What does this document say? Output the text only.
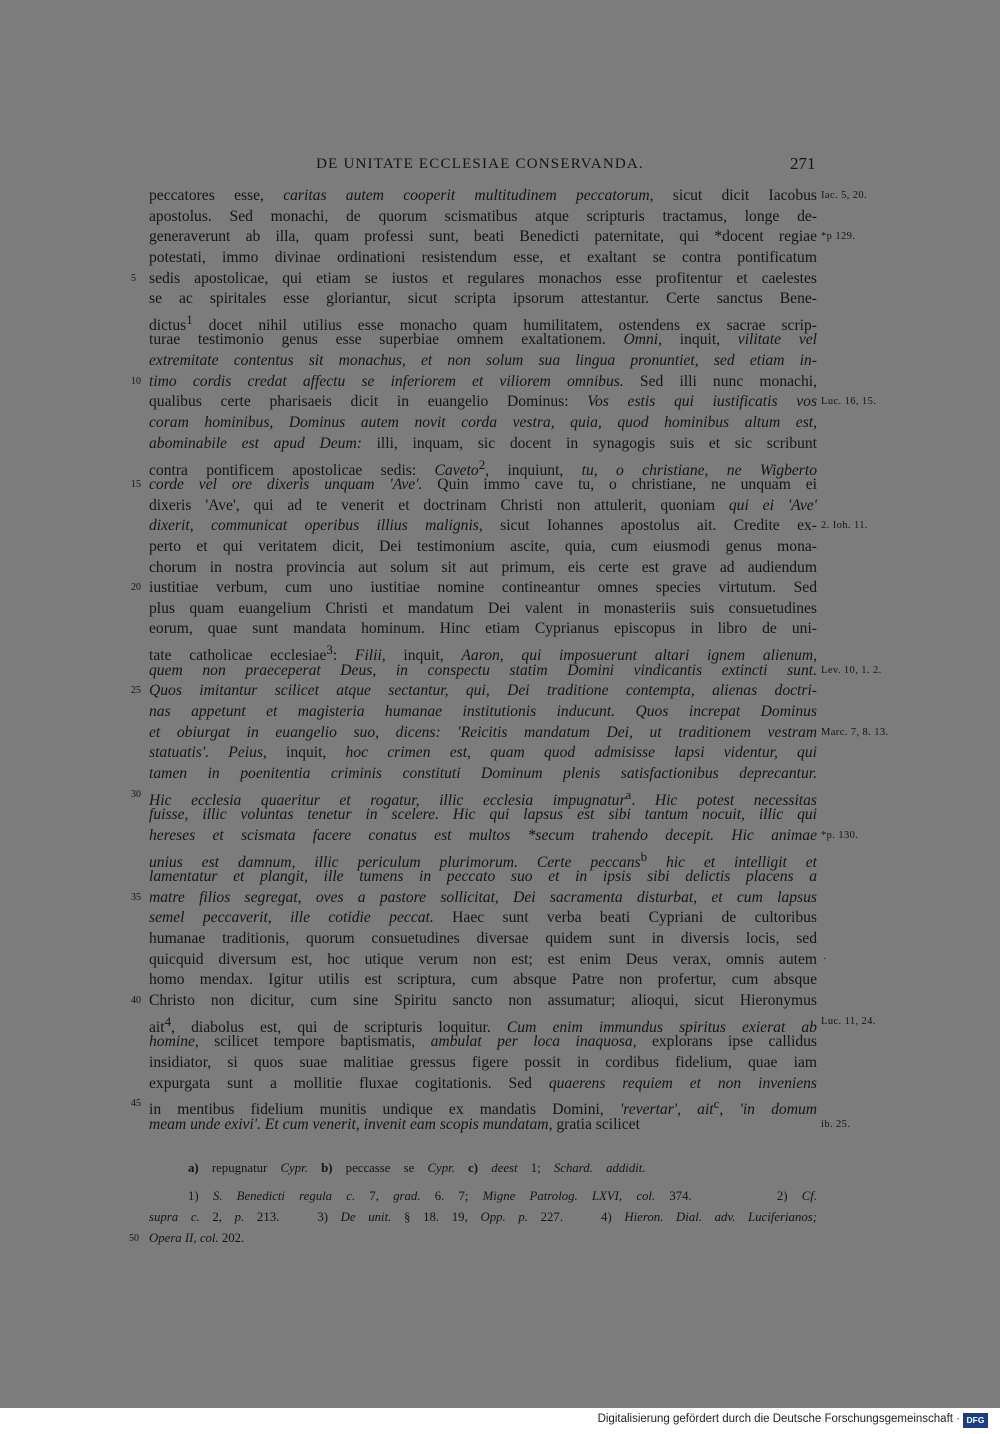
DE UNITATE ECCLESIAE CONSERVANDA.	271
peccatores esse, caritas autem cooperit multitudinem peccatorum, sicut dicit Iacobus Iac. 5, 20.
apostolus. Sed monachi, de quorum scismatibus atque scripturis tractamus, longe de-
generaverunt ab illa, quam professi sunt, beati Benedicti paternitate, qui *docent regiae *p 129.
potestati, immo divinae ordinationi resistendum esse, et exaltant se contra pontificatum
5 sedis apostolicae, qui etiam se iustos et regulares monachos esse profitentur et caelestes
se ac spiritales esse gloriantur, sicut scripta ipsorum attestantur. Certe sanctus Bene-
dictus$^1$ docet nihil utilius esse monacho quam humilitatem, ostendens ex sacrae scrip-
turae testimonio genus esse superbiae omnem exaltationem. Omni, inquit, vilitate vel
extremitate contentus sit monachus, et non solum sua lingua pronuntiet, sed etiam in-
10 timo cordis credat affectu se inferiorem et viliorem omnibus. Sed illi nunc monachi,
qualibus certe pharisaeis dicit in euangelio Dominus: Vos estis qui iustificatis vos Luc. 16, 15.
coram hominibus, Dominus autem novit corda vestra, quia, quod hominibus altum est,
abominabile est apud Deum: illi, inquam, sic docent in synagogis suis et sic scribunt
contra pontificem apostolicae sedis: Caveto$^2$, inquiunt, tu, o christiane, ne Wigberto
15 corde vel ore dixeris unquam 'Ave'. Quin immo cave tu, o christiane, ne unquam ei
dixeris 'Ave', qui ad te venerit et doctrinam Christi non attulerit, quoniam qui ei 'Ave'
dixerit, communicat operibus illius malignis, sicut Iohannes apostolus ait. Credite ex- 2. Ioh. 11.
perto et qui veritatem dicit, Dei testimonium ascite, quia, cum eiusmodi genus mona-
chorum in nostra provincia aut solum sit aut primum, eis certe est grave ad audiendum
20 iustitiae verbum, cum uno iustitiae nomine contineantur omnes species virtutum. Sed
plus quam euangelium Christi et mandatum Dei valent in monasteriis suis consuetudines
eorum, quae sunt mandata hominum. Hinc etiam Cyprianus episcopus in libro de uni-
tate catholicae ecclesiae$^3$: Filii, inquit, Aaron, qui imposuerunt altari ignem alienum,
quem non praeceperat Deus, in conspectu statim Domini vindicantis extincti sunt. Lev. 10, 1. 2.
25 Quos imitantur scilicet atque sectantur, qui, Dei traditione contempta, alienas doctri-
nas appetunt et magisteria humanae institutionis inducunt. Quos increpat Dominus
et obiurgat in euangelio suo, dicens: 'Reicitis mandatum Dei, ut traditionem vestram Marc. 7, 8. 13.
statuatis'. Peius, inquit, hoc crimen est, quam quod admisisse lapsi videntur, qui
tamen in poenitentia criminis constituti Dominum plenis satisfactionibus deprecantur.
30 Hic ecclesia quaeritur et rogatur, illic ecclesia impugnatur$^a$. Hic potest necessitas
fuisse, illic voluntas tenetur in scelere. Hic qui lapsus est sibi tantum nocuit, illic qui
hereses et scismata facere conatus est multos *secum trahendo decepit. Hic animae *p. 130.
unius est damnum, illic periculum plurimorum. Certe peccans$^b$ hic et intelligit et
lamentatur et plangit, ille tumens in peccato suo et in ipsis sibi delictis placens a
35 matre filios segregat, oves a pastore sollicitat, Dei sacramenta disturbat, et cum lapsus
semel peccaverit, ille cotidie peccat. Haec sunt verba beati Cypriani de cultoribus
humanae traditionis, quorum consuetudines diversae quidem sunt in diversis locis, sed
quicquid diversum est, hoc utique verum non est; est enim Deus verax, omnis autem ·
homo mendax. Igitur utilis est scriptura, cum absque Patre non profertur, cum absque
40 Christo non dicitur, cum sine Spiritu sancto non assumatur; alioqui, sicut Hieronymus
ait$^4$, diabolus est, qui de scripturis loquitur. Cum enim immundus spiritus exierat ab Luc. 11, 24.
homine, scilicet tempore baptismatis, ambulat per loca inaquosa, explorans ipse callidus
insidiator, si quos suae malitiae gressus figere possit in cordibus fidelium, quae iam
expurgata sunt a mollitie fluxae cogitationis. Sed quaerens requiem et non inveniens
45 in mentibus fidelium munitis undique ex mandatis Domini, 'revertar', ait$^c$, 'in domum
meam unde exivi'. Et cum venerit, invenit eam scopis mundatam, gratia scilicet	ib. 25.
a) repugnatur Cypr. b) peccasse se Cypr. c) deest 1; Schard. addidit.
1) S. Benedicti regula c. 7, grad. 6. 7; Migne Patrolog. LXVI, col. 374.      2) Cf.
supra c. 2, p. 213.   3) De unit. § 18. 19, Opp. p. 227.   4) Hieron. Dial. adv. Luciferianos;
50 Opera II, col. 202.
Digitalisierung gefördert durch die Deutsche Forschungsgemeinschaft · DFG
